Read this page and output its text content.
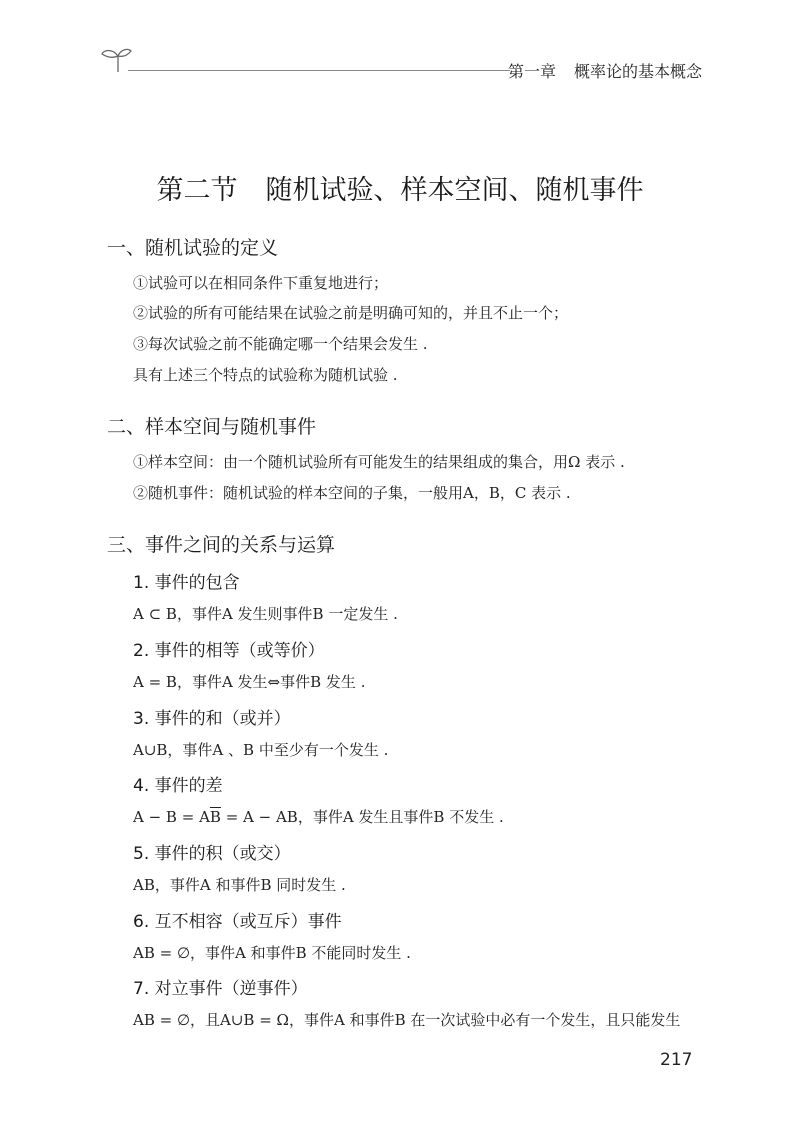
第一章 概率论的基本概念
第二节 随机试验、样本空间、随机事件
一、随机试验的定义
①试验可以在相同条件下重复地进行；
②试验的所有可能结果在试验之前是明确可知的，并且不止一个；
③每次试验之前不能确定哪一个结果会发生 .
具有上述三个特点的试验称为随机试验 .
二、样本空间与随机事件
①样本空间：由一个随机试验所有可能发生的结果组成的集合，用Ω 表示 .
②随机事件：随机试验的样本空间的子集，一般用A，B，C 表示 .
三、事件之间的关系与运算
1. 事件的包含
A ⊂ B，事件A 发生则事件B 一定发生 .
2. 事件的相等（或等价）
A = B，事件A 发生⇔事件B 发生 .
3. 事件的和（或并）
A∪B，事件A 、B 中至少有一个发生 .
4. 事件的差
$A - B = A\overline{B} = A$ − AB，事件A 发生且事件B 不发生 .
5. 事件的积（或交）
AB，事件A 和事件B 同时发生 .
6. 互不相容（或互斥）事件
AB = ∅，事件A 和事件B 不能同时发生 .
7. 对立事件（逆事件）
AB = ∅，且A∪B = Ω，事件A 和事件B 在一次试验中必有一个发生，且只能发生
217
